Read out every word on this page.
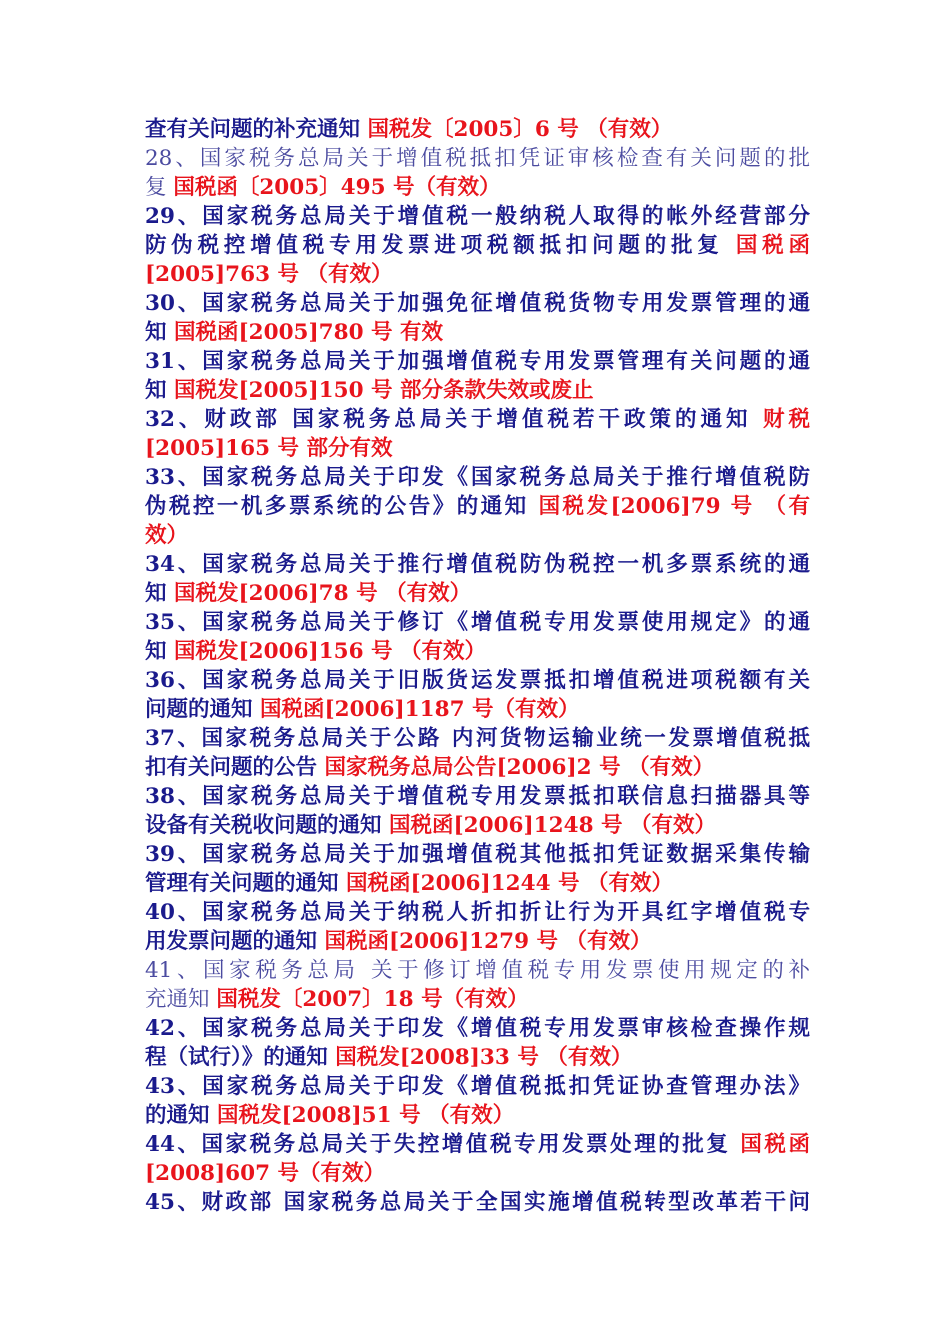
查有关问题的补充通知 国税发〔2005〕6 号 （有效）
28、国家税务总局关于增值税抵扣凭证审核检查有关问题的批
复 国税函〔2005〕495 号（有效）
29、国家税务总局关于增值税一般纳税人取得的帐外经营部分
防伪税控增值税专用发票进项税额抵扣问题的批复 国税函
[2005]763 号 （有效）
30、国家税务总局关于加强免征增值税货物专用发票管理的通
知 国税函[2005]780 号 有效
31、国家税务总局关于加强增值税专用发票管理有关问题的通
知 国税发[2005]150 号 部分条款失效或废止
32、财政部 国家税务总局关于增值税若干政策的通知 财税
[2005]165 号 部分有效
33、国家税务总局关于印发《国家税务总局关于推行增值税防
伪税控一机多票系统的公告》的通知 国税发[2006]79 号 （有
效）
34、国家税务总局关于推行增值税防伪税控一机多票系统的通
知 国税发[2006]78 号 （有效）
35、国家税务总局关于修订《增值税专用发票使用规定》的通
知 国税发[2006]156 号 （有效）
36、国家税务总局关于旧版货运发票抵扣增值税进项税额有关
问题的通知 国税函[2006]1187 号（有效）
37、国家税务总局关于公路 内河货物运输业统一发票增值税抵
扣有关问题的公告 国家税务总局公告[2006]2 号 （有效）
38、国家税务总局关于增值税专用发票抵扣联信息扫描器具等
设备有关税收问题的通知 国税函[2006]1248 号 （有效）
39、国家税务总局关于加强增值税其他抵扣凭证数据采集传输
管理有关问题的通知 国税函[2006]1244 号 （有效）
40、国家税务总局关于纳税人折扣折让行为开具红字增值税专
用发票问题的通知 国税函[2006]1279 号 （有效）
41、国家税务总局 关于修订增值税专用发票使用规定的补
充通知 国税发〔2007〕18 号（有效）
42、国家税务总局关于印发《增值税专用发票审核检查操作规
程（试行）》的通知 国税发[2008]33 号 （有效）
43、国家税务总局关于印发《增值税抵扣凭证协查管理办法》
的通知 国税发[2008]51 号 （有效）
44、国家税务总局关于失控增值税专用发票处理的批复 国税函
[2008]607 号（有效）
45、财政部 国家税务总局关于全国实施增值税转型改革若干问
